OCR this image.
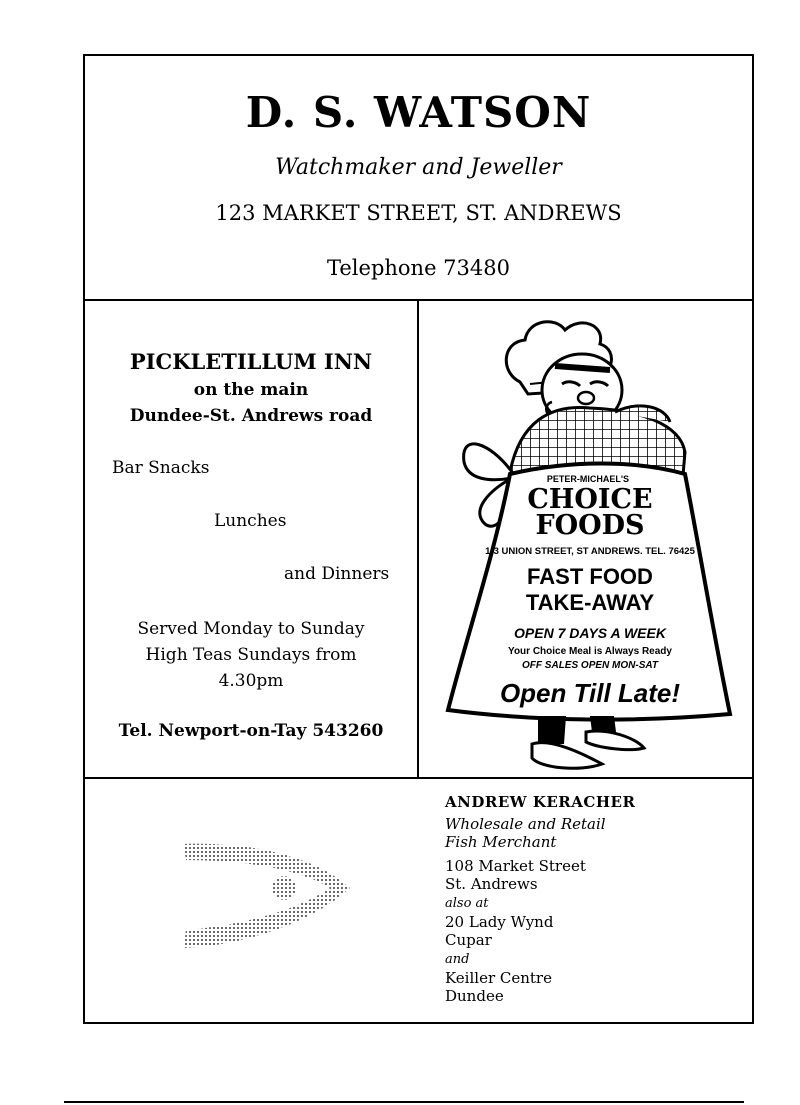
D. S. WATSON
Watchmaker and Jeweller
123 MARKET STREET, ST. ANDREWS
Telephone 73480
PICKLETILLUM INN
on the main
Dundee-St. Andrews road
Bar Snacks
Lunches
and Dinners
Served Monday to Sunday
High Teas Sundays from
4.30pm
Tel. Newport-on-Tay 543260
PETER-MICHAEL'S
CHOICE
FOODS
1-3 UNION STREET, ST ANDREWS. TEL. 76425
FAST FOOD
TAKE-AWAY
OPEN 7 DAYS A WEEK
Your Choice Meal is Always Ready
OFF SALES OPEN MON-SAT
Open Till Late!
ANDREW KERACHER
Wholesale and Retail
Fish Merchant
108 Market Street
St. Andrews
also at
20 Lady Wynd
Cupar
and
Keiller Centre
Dundee
